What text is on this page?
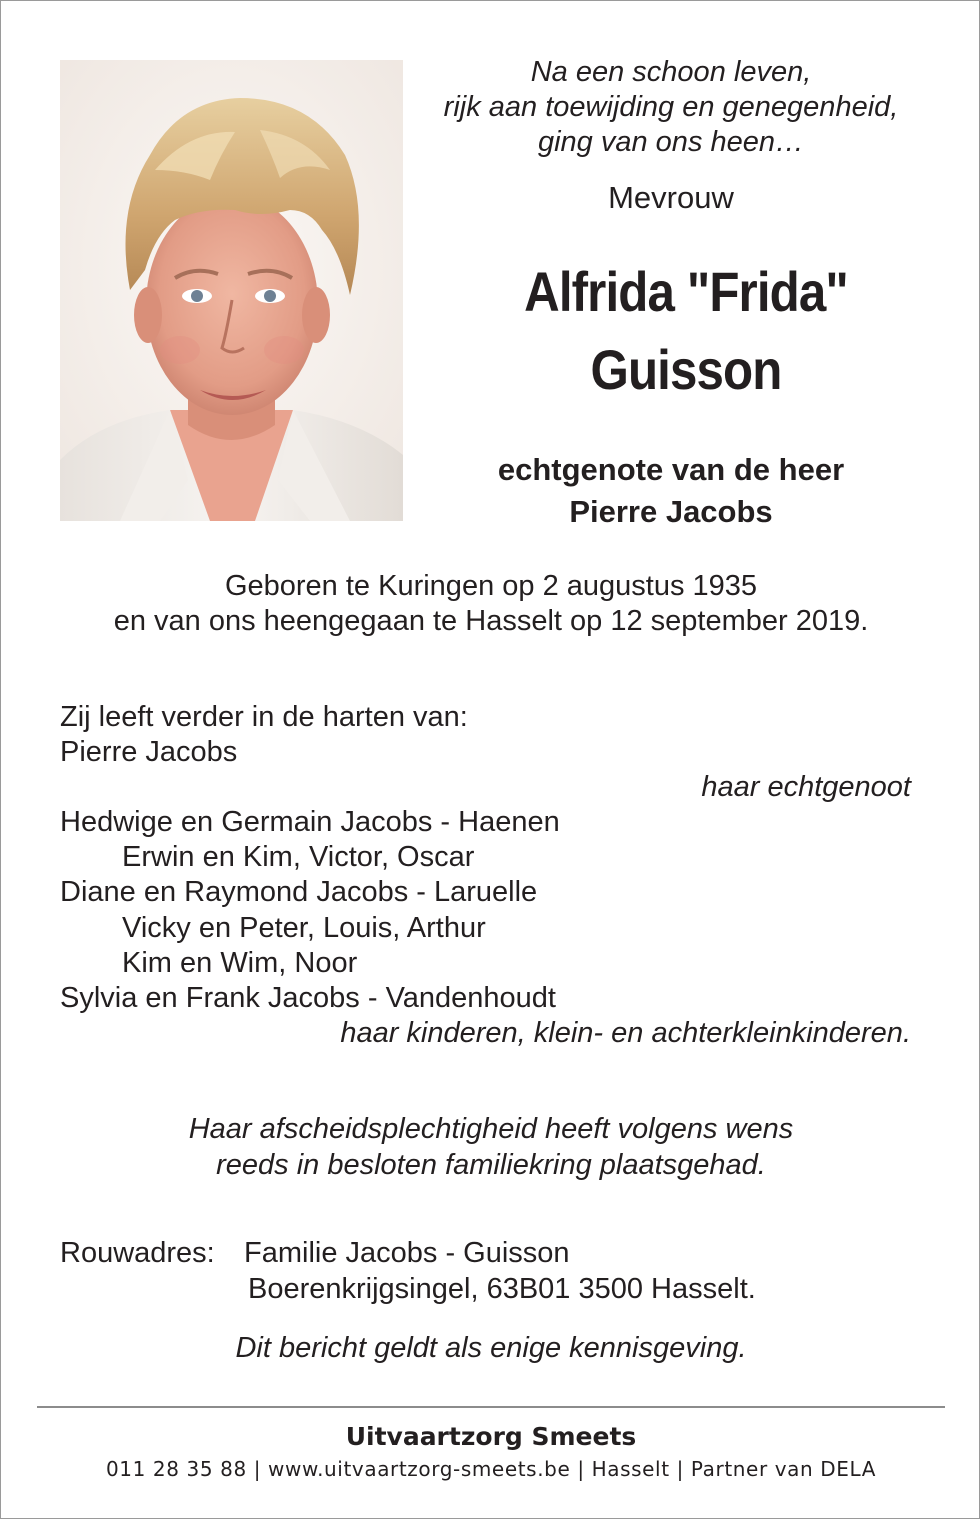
Na een schoon leven,

rijk aan toewijding en genegenheid,

ging van ons heen…

Mevrouw

Alfrida "Frida"

Guisson

echtgenote van de heer

Pierre Jacobs

Geboren te Kuringen op 2 augustus 1935

en van ons heengegaan te Hasselt op 12 september 2019.

Zij leeft verder in de harten van:

Pierre Jacobs

haar echtgenoot

Hedwige en Germain Jacobs - Haenen

Erwin en Kim, Victor, Oscar

Diane en Raymond Jacobs - Laruelle

Vicky en Peter, Louis, Arthur

Kim en Wim, Noor

Sylvia en Frank Jacobs - Vandenhoudt

haar kinderen, klein- en achterkleinkinderen.

Haar afscheidsplechtigheid heeft volgens wens

reeds in besloten familiekring plaatsgehad.

Rouwadres: Familie Jacobs - Guisson

Boerenkrijgsingel, 63B01 3500 Hasselt.

Dit bericht geldt als enige kennisgeving.

Uitvaartzorg Smeets

011 28 35 88 | www.uitvaartzorg-smeets.be | Hasselt | Partner van DELA
